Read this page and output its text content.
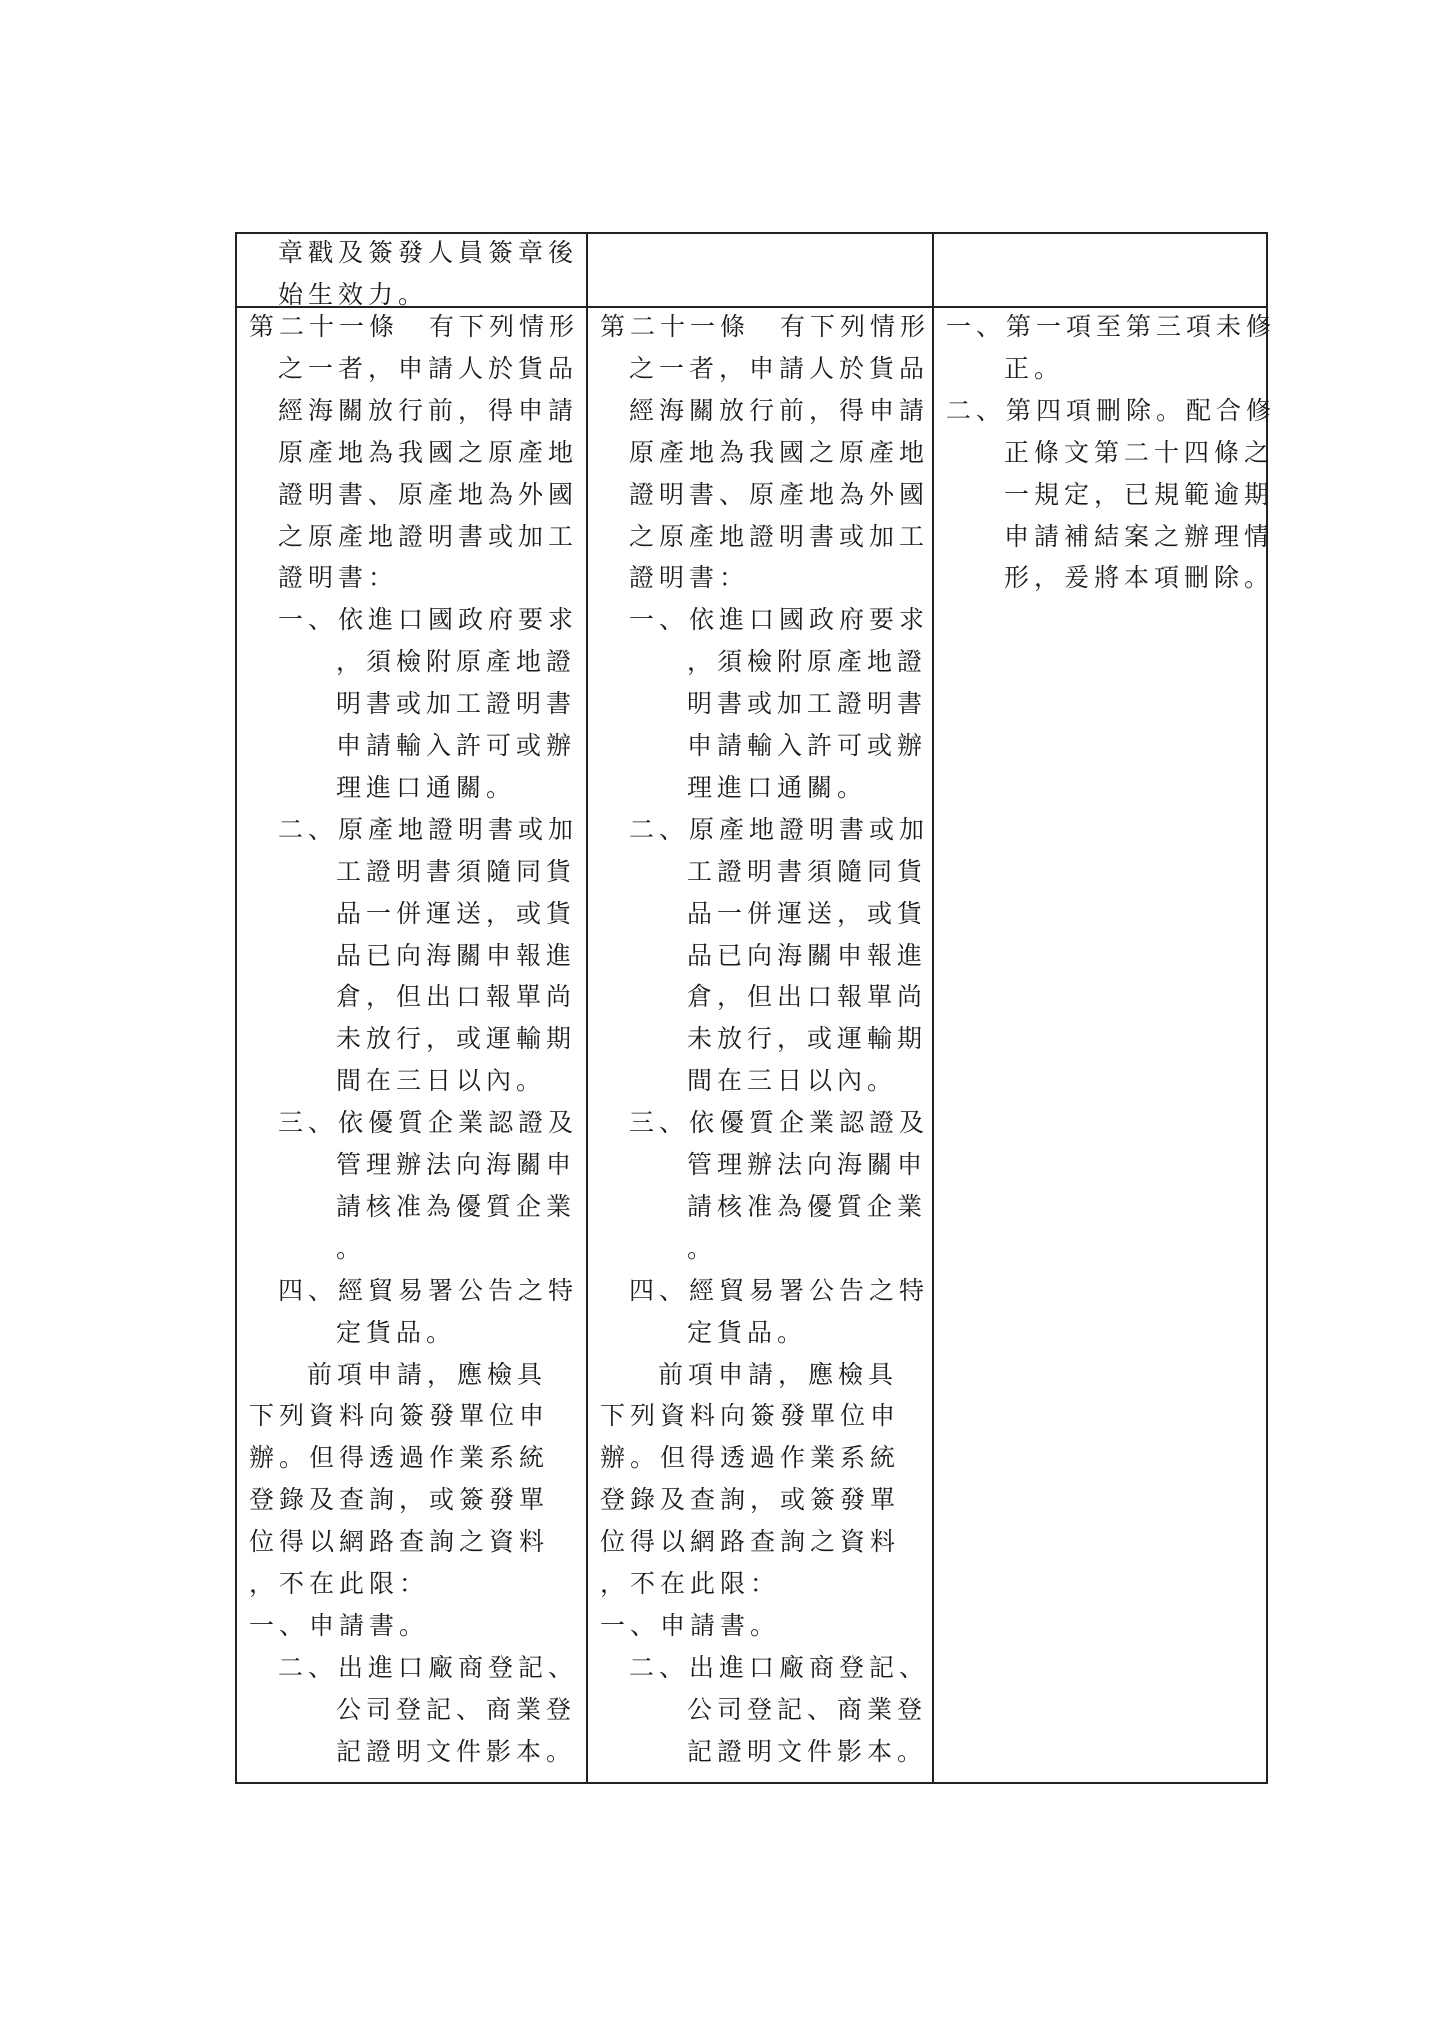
章戳及簽發人員簽章後
始生效力。
第二十一條　有下列情形
之一者，申請人於貨品
經海關放行前，得申請
原產地為我國之原產地
證明書、原產地為外國
之原產地證明書或加工
證明書：
一、依進口國政府要求
，須檢附原產地證
明書或加工證明書
申請輸入許可或辦
理進口通關。
二、原產地證明書或加
工證明書須隨同貨
品一併運送，或貨
品已向海關申報進
倉，但出口報單尚
未放行，或運輸期
間在三日以內。
三、依優質企業認證及
管理辦法向海關申
請核准為優質企業
。
四、經貿易署公告之特
定貨品。
前項申請，應檢具
下列資料向簽發單位申
辦。但得透過作業系統
登錄及查詢，或簽發單
位得以網路查詢之資料
，不在此限：
一、申請書。
二、出進口廠商登記、
公司登記、商業登
記證明文件影本。
第二十一條　有下列情形
之一者，申請人於貨品
經海關放行前，得申請
原產地為我國之原產地
證明書、原產地為外國
之原產地證明書或加工
證明書：
一、依進口國政府要求
，須檢附原產地證
明書或加工證明書
申請輸入許可或辦
理進口通關。
二、原產地證明書或加
工證明書須隨同貨
品一併運送，或貨
品已向海關申報進
倉，但出口報單尚
未放行，或運輸期
間在三日以內。
三、依優質企業認證及
管理辦法向海關申
請核准為優質企業
。
四、經貿易署公告之特
定貨品。
前項申請，應檢具
下列資料向簽發單位申
辦。但得透過作業系統
登錄及查詢，或簽發單
位得以網路查詢之資料
，不在此限：
一、申請書。
二、出進口廠商登記、
公司登記、商業登
記證明文件影本。
一、第一項至第三項未修
正。
二、第四項刪除。配合修
正條文第二十四條之
一規定，已規範逾期
申請補結案之辦理情
形，爰將本項刪除。
